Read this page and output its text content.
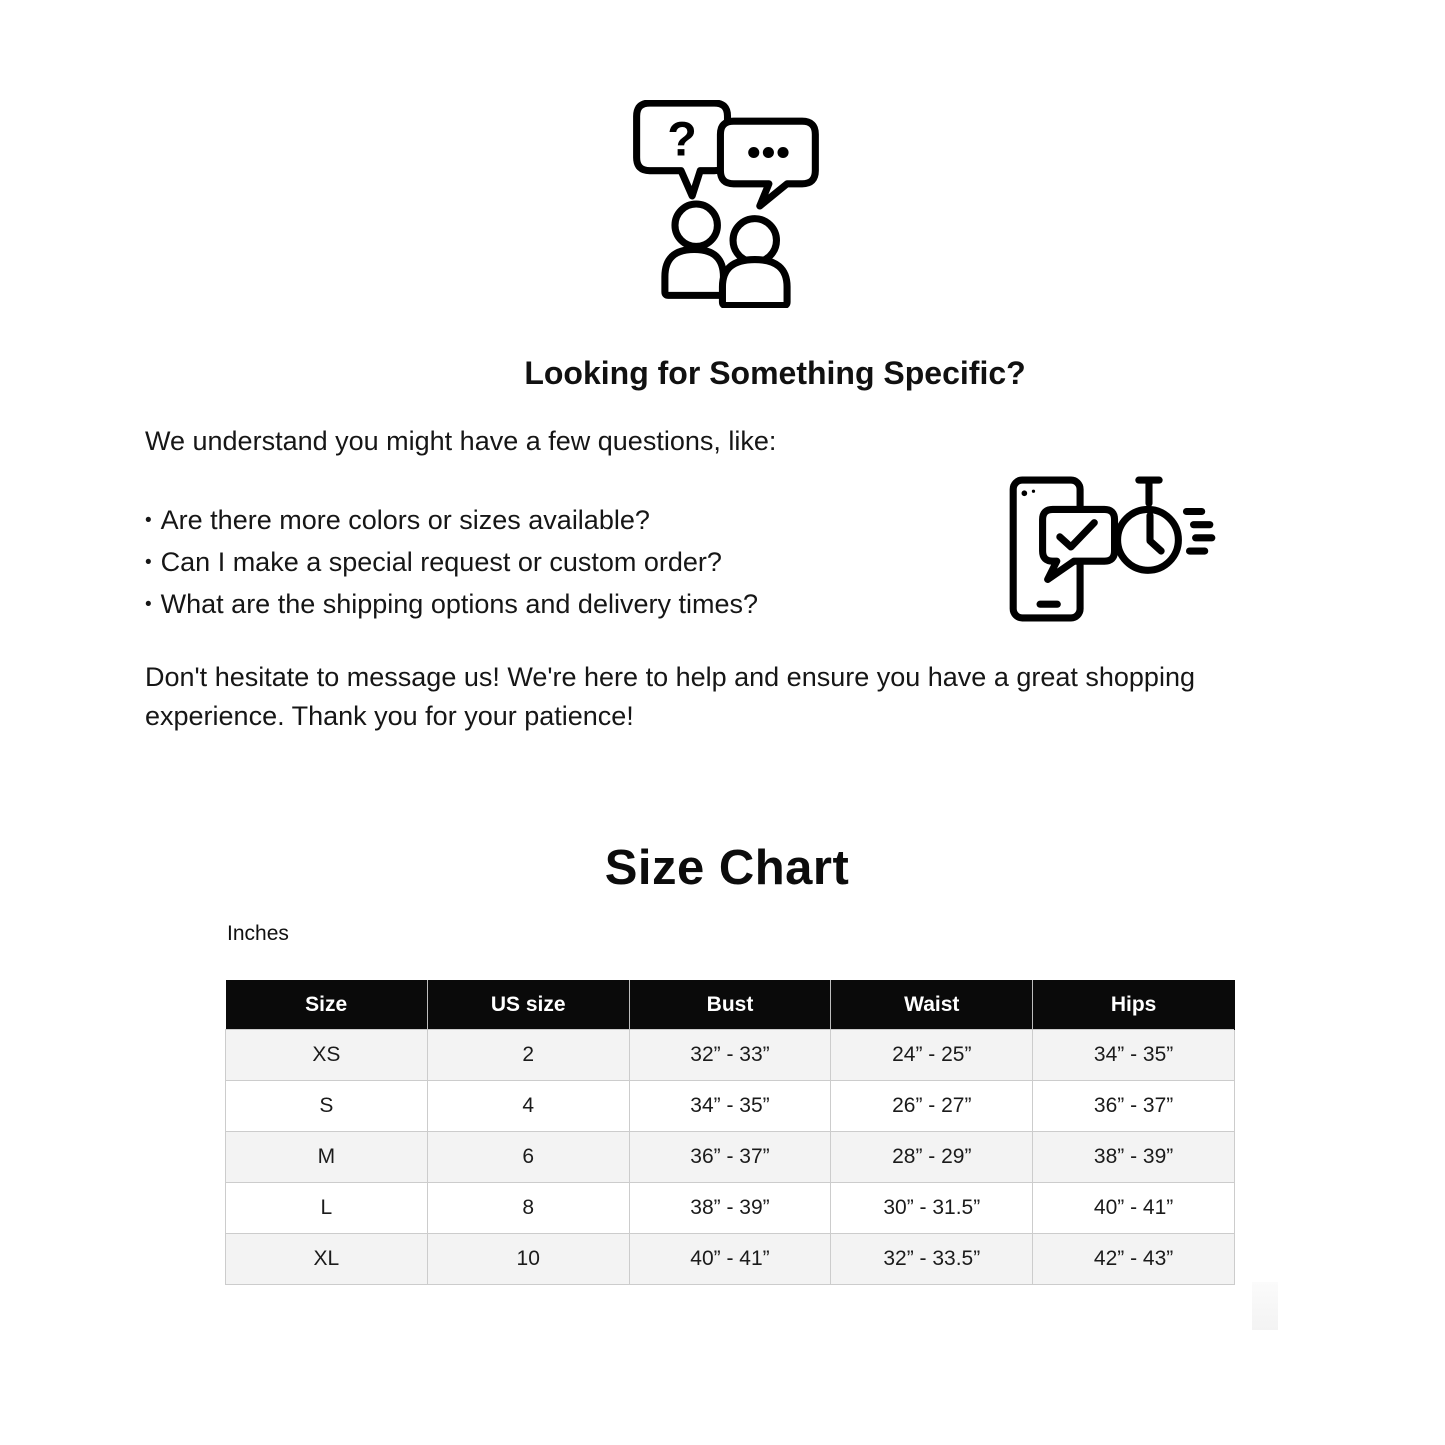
?
Looking for Something Specific?
We understand you might have a few questions, like:
• Are there more colors or sizes available?
• Can I make a special request or custom order?
• What are the shipping options and delivery times?
Don't hesitate to message us! We're here to help and ensure you have a great shopping
experience. Thank you for your patience!
Size Chart
Inches
Size	US size	Bust	Waist	Hips
XS	2	32” - 33”	24” - 25”	34” - 35”
S	4	34” - 35”	26” - 27”	36” - 37”
M	6	36” - 37”	28” - 29”	38” - 39”
L	8	38” - 39”	30” - 31.5”	40” - 41”
XL	10	40” - 41”	32” - 33.5”	42” - 43”
